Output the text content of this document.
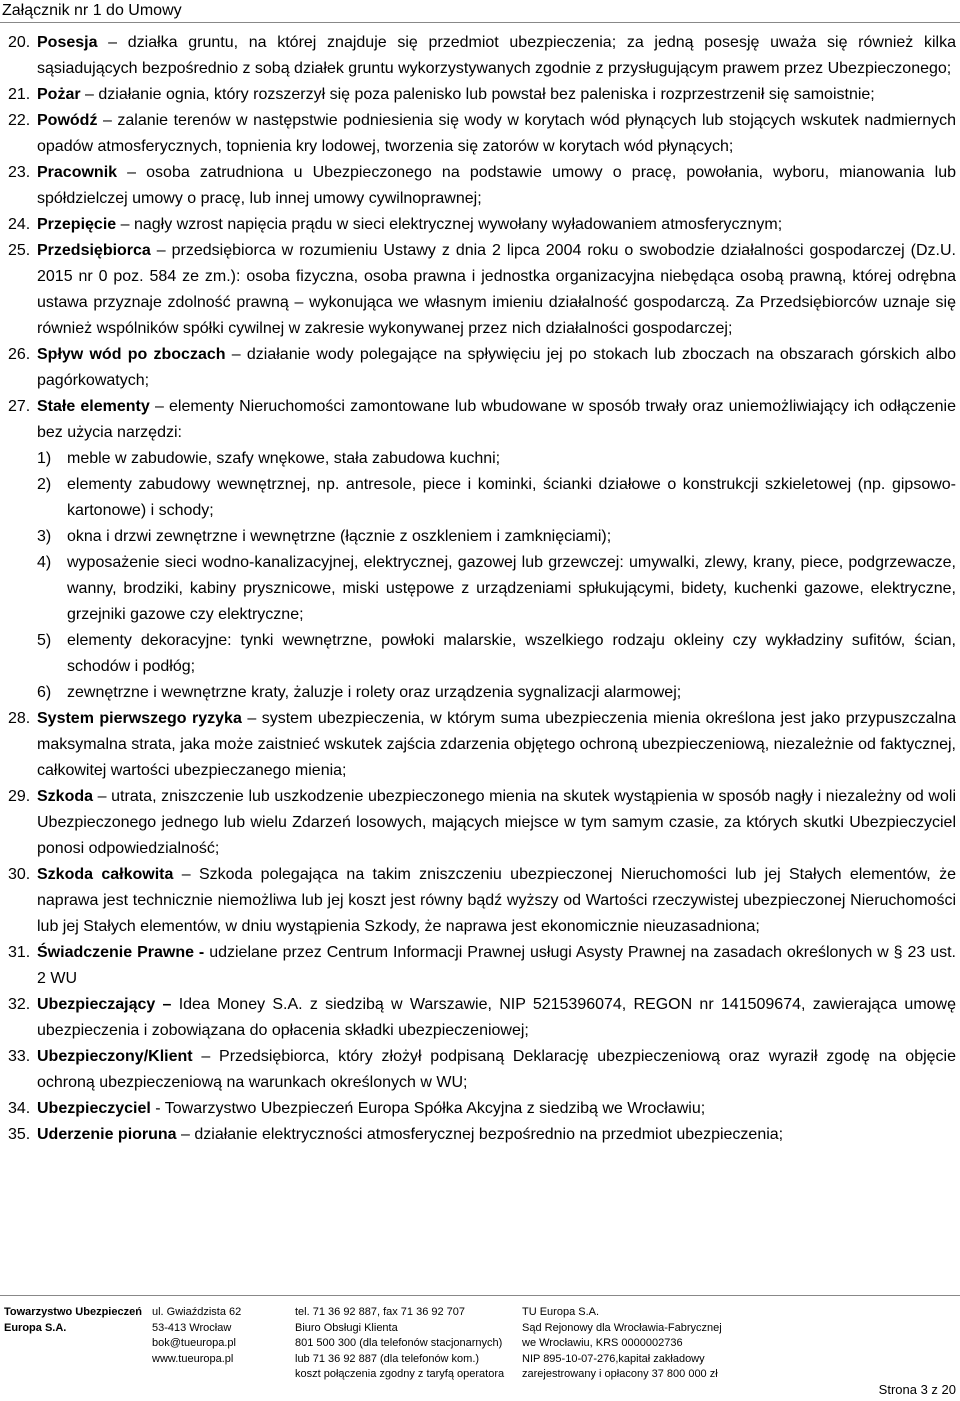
Załącznik nr 1 do Umowy
20. Posesja – działka gruntu, na której znajduje się przedmiot ubezpieczenia; za jedną posesję uważa się również kilka sąsiadujących bezpośrednio z sobą działek gruntu wykorzystywanych zgodnie z przysługującym prawem przez Ubezpieczonego;
21. Pożar – działanie ognia, który rozszerzył się poza palenisko lub powstał bez paleniska i rozprzestrzenił się samoistnie;
22. Powódź – zalanie terenów w następstwie podniesienia się wody w korytach wód płynących lub stojących wskutek nadmiernych opadów atmosferycznych, topnienia kry lodowej, tworzenia się zatorów w korytach wód płynących;
23. Pracownik – osoba zatrudniona u Ubezpieczonego na podstawie umowy o pracę, powołania, wyboru, mianowania lub spółdzielczej umowy o pracę, lub innej umowy cywilnoprawnej;
24. Przepięcie – nagły wzrost napięcia prądu w sieci elektrycznej wywołany wyładowaniem atmosferycznym;
25. Przedsiębiorca – przedsiębiorca w rozumieniu Ustawy z dnia 2 lipca 2004 roku o swobodzie działalności gospodarczej (Dz.U. 2015 nr 0 poz. 584 ze zm.): osoba fizyczna, osoba prawna i jednostka organizacyjna niebędąca osobą prawną, której odrębna ustawa przyznaje zdolność prawną – wykonująca we własnym imieniu działalność gospodarczą. Za Przedsiębiorców uznaje się również wspólników spółki cywilnej w zakresie wykonywanej przez nich działalności gospodarczej;
26. Spływ wód po zboczach – działanie wody polegające na spływięciu jej po stokach lub zboczach na obszarach górskich albo pagórkowatych;
27. Stałe elementy – elementy Nieruchomości zamontowane lub wbudowane w sposób trwały oraz uniemożliwiający ich odłączenie bez użycia narzędzi:
1) meble w zabudowie, szafy wnękowe, stała zabudowa kuchni;
2) elementy zabudowy wewnętrznej, np. antresole, piece i kominki, ścianki działowe o konstrukcji szkieletowej (np. gipsowo-kartonowe) i schody;
3) okna i drzwi zewnętrzne i wewnętrzne (łącznie z oszkleniem i zamknięciami);
4) wyposażenie sieci wodno-kanalizacyjnej, elektrycznej, gazowej lub grzewczej: umywalki, zlewy, krany, piece, podgrzewacze, wanny, brodziki, kabiny prysznicowe, miski ustępowe z urządzeniami spłukującymi, bidety, kuchenki gazowe, elektryczne, grzejniki gazowe czy elektryczne;
5) elementy dekoracyjne: tynki wewnętrzne, powłoki malarskie, wszelkiego rodzaju okleiny czy wykładziny sufitów, ścian, schodów i podłóg;
6) zewnętrzne i wewnętrzne kraty, żaluzje i rolety oraz urządzenia sygnalizacji alarmowej;
28. System pierwszego ryzyka – system ubezpieczenia, w którym suma ubezpieczenia mienia określona jest jako przypuszczalna maksymalna strata, jaka może zaistnieć wskutek zajścia zdarzenia objętego ochroną ubezpieczeniową, niezależnie od faktycznej, całkowitej wartości ubezpieczanego mienia;
29. Szkoda – utrata, zniszczenie lub uszkodzenie ubezpieczonego mienia na skutek wystąpienia w sposób nagły i niezależny od woli Ubezpieczonego jednego lub wielu Zdarzeń losowych, mających miejsce w tym samym czasie, za których skutki Ubezpieczyciel ponosi odpowiedzialność;
30. Szkoda całkowita – Szkoda polegająca na takim zniszczeniu ubezpieczonej Nieruchomości lub jej Stałych elementów, że naprawa jest technicznie niemożliwa lub jej koszt jest równy bądź wyższy od Wartości rzeczywistej ubezpieczonej Nieruchomości lub jej Stałych elementów, w dniu wystąpienia Szkody, że naprawa jest ekonomicznie nieuzasadniona;
31. Świadczenie Prawne - udzielane przez Centrum Informacji Prawnej usługi Asysty Prawnej na zasadach określonych w § 23 ust. 2 WU
32. Ubezpieczający – Idea Money S.A. z siedzibą w Warszawie, NIP 5215396074, REGON nr 141509674, zawierająca umowę ubezpieczenia i zobowiązana do opłacenia składki ubezpieczeniowej;
33. Ubezpieczony/Klient – Przedsiębiorca, który złożył podpisaną Deklarację ubezpieczeniową oraz wyraził zgodę na objęcie ochroną ubezpieczeniową na warunkach określonych w WU;
34. Ubezpieczyciel - Towarzystwo Ubezpieczeń Europa Spółka Akcyjna z siedzibą we Wrocławiu;
35. Uderzenie pioruna – działanie elektryczności atmosferycznej bezpośrednio na przedmiot ubezpieczenia;
Towarzystwo Ubezpieczeń
Europa S.A.
ul. Gwiaździsta 62
53-413 Wrocław
bok@tueuropa.pl
www.tueuropa.pl
tel. 71 36 92 887, fax 71 36 92 707
Biuro Obsługi Klienta
801 500 300 (dla telefonów stacjonarnych)
lub 71 36 92 887 (dla telefonów kom.)
koszt połączenia zgodny z taryfą operatora
TU Europa S.A.
Sąd Rejonowy dla Wrocławia-Fabrycznej
we Wrocławiu, KRS 0000002736
NIP 895-10-07-276,kapitał zakładowy
zarejestrowany i opłacony 37 800 000 zł
Strona 3 z 20
